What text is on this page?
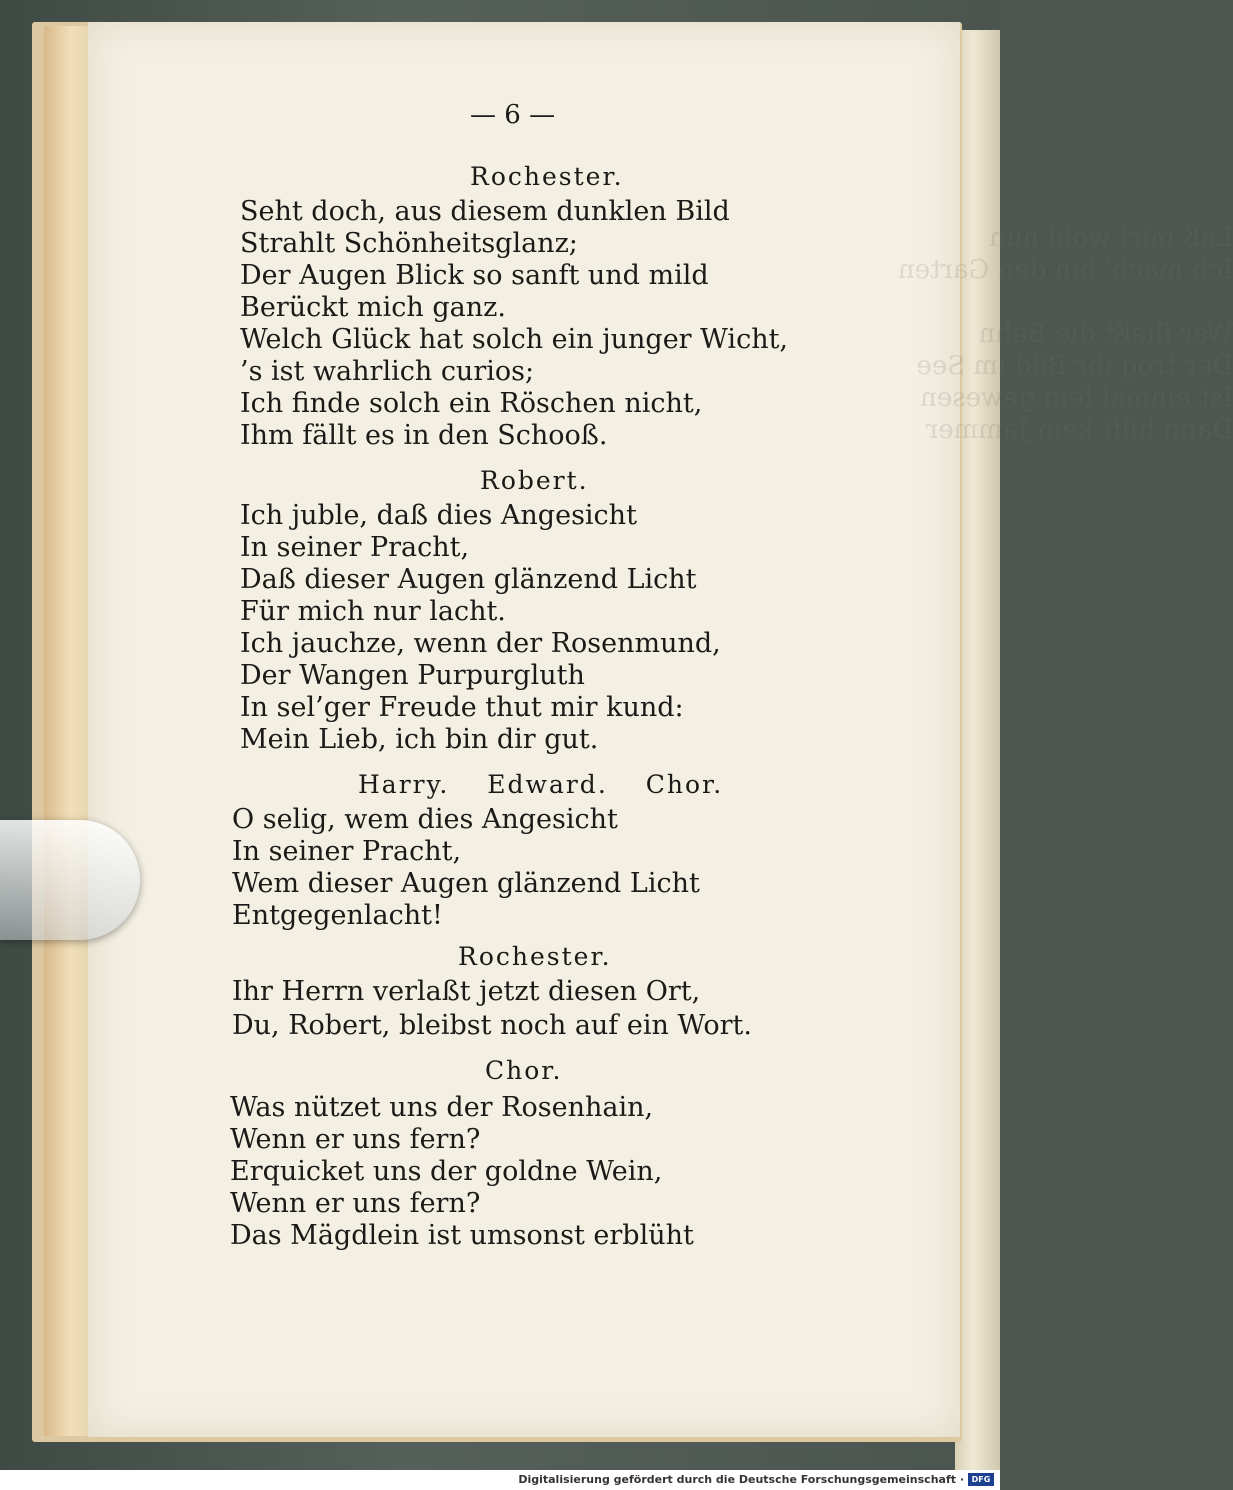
Laß mir! wohl nun
Ich mach' hin den Garten

Wer fließt die Bahn
Der trog ihr Bild im See
Ist einmal fein gewesen
Dann hilft kein Jammer
— 6 —
Rochester.
Seht doch, aus diesem dunklen Bild
Strahlt Schönheitsglanz;
Der Augen Blick so sanft und mild
Berückt mich ganz.
Welch Glück hat solch ein junger Wicht,
’s ist wahrlich curios;
Ich finde solch ein Röschen nicht,
Ihm fällt es in den Schooß.
Robert.
Ich juble, daß dies Angesicht
In seiner Pracht,
Daß dieser Augen glänzend Licht
Für mich nur lacht.
Ich jauchze, wenn der Rosenmund,
Der Wangen Purpurgluth
In sel’ger Freude thut mir kund:
Mein Lieb, ich bin dir gut.
Harry. Edward. Chor.
O selig, wem dies Angesicht
In seiner Pracht,
Wem dieser Augen glänzend Licht
Entgegenlacht!
Rochester.
Ihr Herrn verlaßt jetzt diesen Ort,
Du, Robert, bleibst noch auf ein Wort.
Chor.
Was nützet uns der Rosenhain,
Wenn er uns fern?
Erquicket uns der goldne Wein,
Wenn er uns fern?
Das Mägdlein ist umsonst erblüht
Digitalisierung gefördert durch die Deutsche Forschungsgemeinschaft · DFG
